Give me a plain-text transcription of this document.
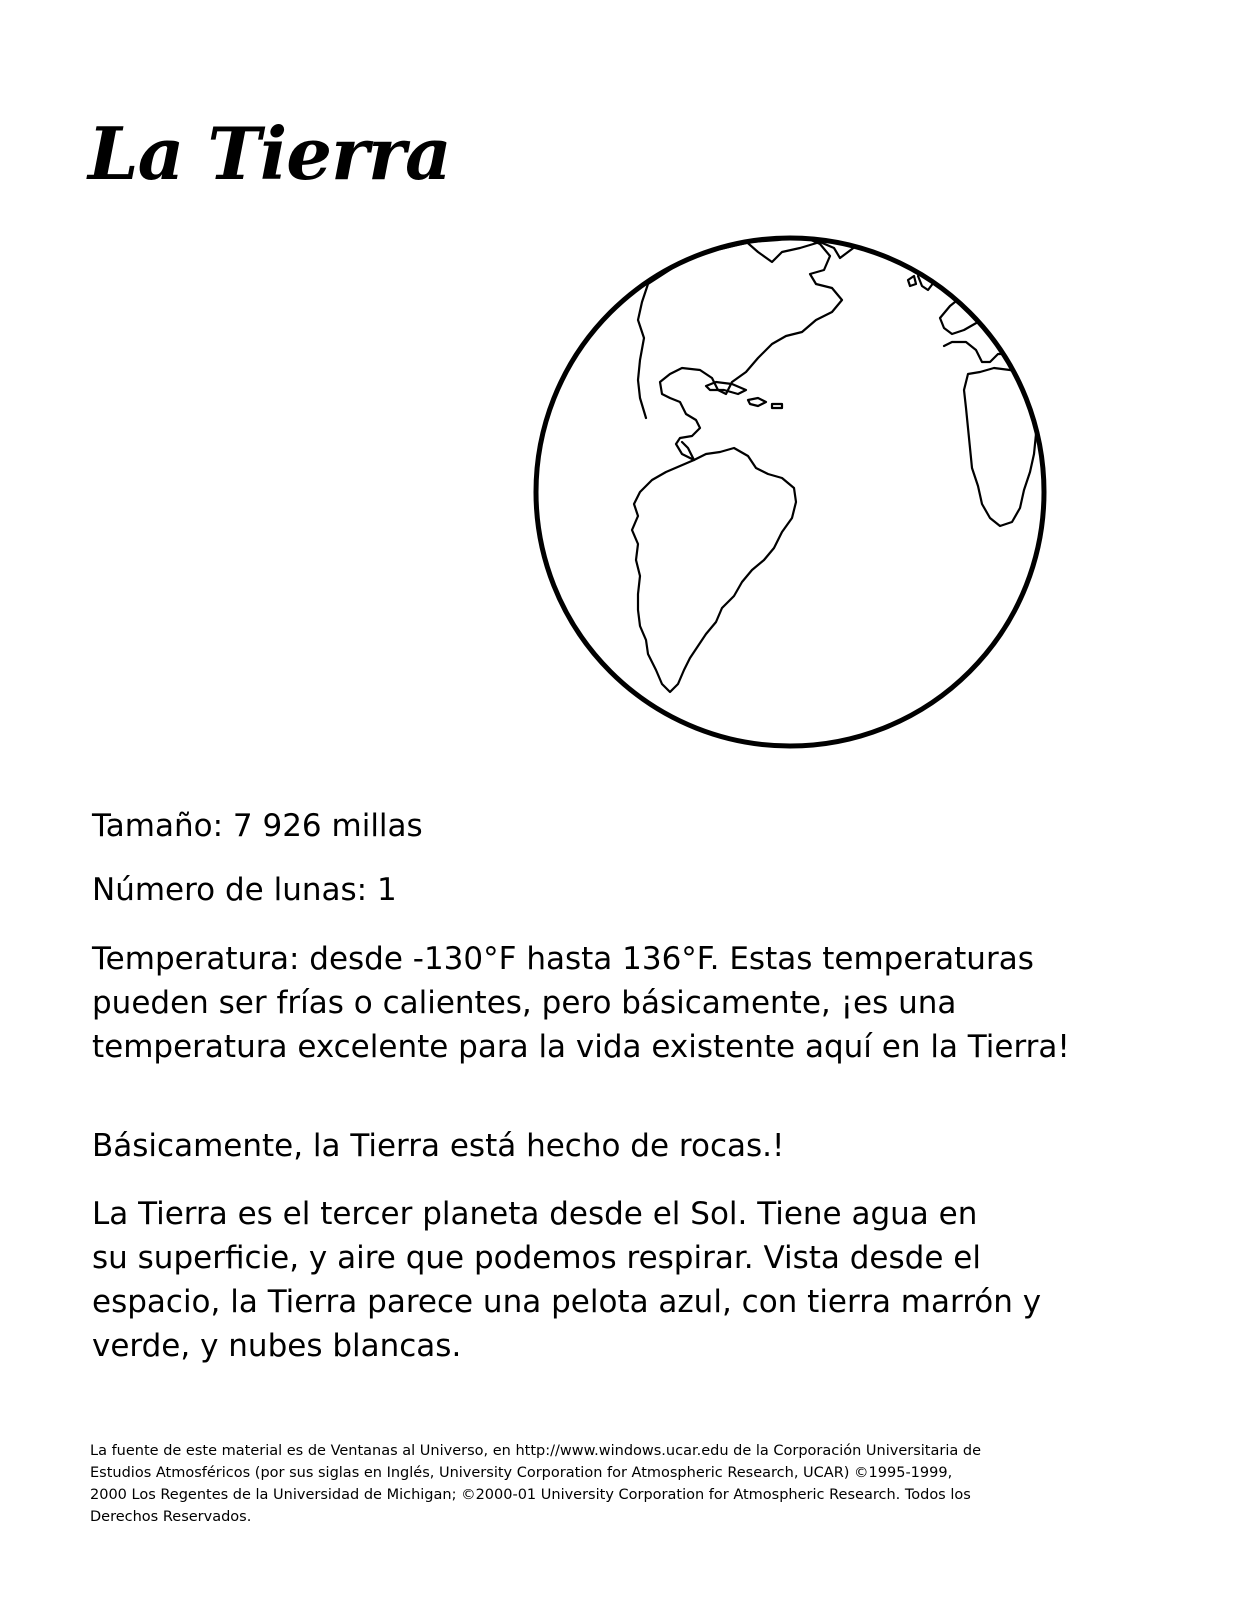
La Tierra

Tamaño: 7 926 millas

Número de lunas: 1

Temperatura: desde -130°F hasta 136°F. Estas temperaturas
pueden ser frías o calientes, pero básicamente, ¡es una
temperatura excelente para la vida existente aquí en la Tierra!

Básicamente, la Tierra está hecho de rocas.!

La Tierra es el tercer planeta desde el Sol. Tiene agua en
su superficie, y aire que podemos respirar. Vista desde el
espacio, la Tierra parece una pelota azul, con tierra marrón y
verde, y nubes blancas.

La fuente de este material es de Ventanas al Universo, en http://www.windows.ucar.edu de la Corporación Universitaria de
Estudios Atmosféricos (por sus siglas en Inglés, University Corporation for Atmospheric Research, UCAR) ©1995-1999,
2000 Los Regentes de la Universidad de Michigan; ©2000-01 University Corporation for Atmospheric Research. Todos los
Derechos Reservados.
